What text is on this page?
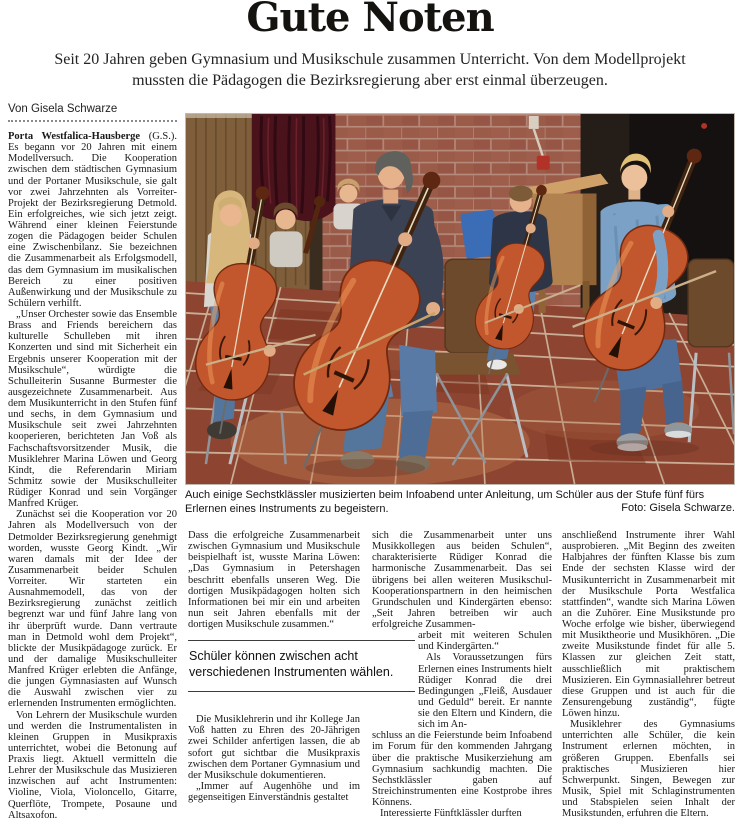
Gute Noten

Seit 20 Jahren geben Gymnasium und Musikschule zusammen Unterricht. Von dem Modellprojekt mussten die Pädagogen die Bezirksregierung aber erst einmal überzeugen.

Von Gisela Schwarze
Foto: Gisela Schwarze.
Auch einige Sechstklässler musizierten beim Infoabend unter Anleitung, um Schüler aus der Stufe fünf fürs Erlernen eines Instruments zu begeistern.

Porta Westfalica-Hausberge (G.S.). Es begann vor 20 Jahren mit einem Modellversuch. Die Kooperation zwischen dem städtischen Gymnasium und der Portaner Musikschule, sie galt vor zwei Jahrzehnten als Vorreiter-Projekt der Bezirksregierung Detmold. Ein erfolgreiches, wie sich jetzt zeigt. Während einer kleinen Feierstunde zogen die Pädagogen beider Schulen eine Zwischenbilanz. Sie bezeichnen die Zusammenarbeit als Erfolgsmodell, das dem Gymnasium im musikalischen Bereich zu einer positiven Außenwirkung und der Musikschule zu Schülern verhilft.

„Unser Orchester sowie das Ensemble Brass and Friends bereichern das kulturelle Schulleben mit ihren Konzerten und sind mit Sicherheit ein Ergebnis unserer Kooperation mit der Musikschule“, würdigte die Schulleiterin Susanne Burmester die ausgezeichnete Zusammenarbeit. Aus dem Musikunterricht in den Stufen fünf und sechs, in dem Gymnasium und Musikschule seit zwei Jahrzehnten kooperieren, berichteten Jan Voß als Fachschaftsvorsitzender Musik, die Musiklehrer Marina Löwen und Georg Kindt, die Referendarin Miriam Schmitz sowie der Musikschulleiter Rüdiger Konrad und sein Vorgänger Manfred Krüger.

Zunächst sei die Kooperation vor 20 Jahren als Modellversuch von der Detmolder Bezirksregierung genehmigt worden, wusste Georg Kindt. „Wir waren damals mit der Idee der Zusammenarbeit beider Schulen Vorreiter. Wir starteten ein Ausnahmemodell, das von der Bezirksregierung zunächst zeitlich begrenzt war und fünf Jahre lang von ihr überprüft wurde. Dann vertraute man in Detmold wohl dem Projekt“, blickte der Musikpädagoge zurück. Er und der damalige Musikschulleiter Manfred Krüger erlebten die Anfänge, die jungen Gymnasiasten auf Wunsch die Auswahl zwischen vier zu erlernenden Instrumenten ermöglichten.

Von Lehrern der Musikschule wurden und werden die Instrumentalisten in kleinen Gruppen in Musikpraxis unterrichtet, wobei die Betonung auf Praxis liegt. Aktuell vermitteln die Lehrer der Musikschule das Musizieren inzwischen auf acht Instrumenten: Violine, Viola, Violoncello, Gitarre, Querflöte, Trompete, Posaune und Altsaxofon.

Dass die erfolgreiche Zusammenarbeit zwischen Gymnasium und Musikschule beispielhaft ist, wusste Marina Löwen: „Das Gymnasium in Petershagen beschritt ebenfalls unseren Weg. Die dortigen Musikpädagogen holten sich Informationen bei mir ein und arbeiten nun seit Jahren ebenfalls mit der dortigen Musikschule zusammen.“

Schüler können zwischen acht verschiedenen Instrumenten wählen.

Die Musiklehrerin und ihr Kollege Jan Voß hatten zu Ehren des 20-Jährigen zwei Schilder anfertigen lassen, die ab sofort gut sichtbar die Musikpraxis zwischen dem Portaner Gymnasium und der Musikschule dokumentieren.

„Immer auf Augenhöhe und im gegenseitigen Einverständnis gestaltet

sich die Zusammenarbeit unter uns Musikkollegen aus beiden Schulen“, charakterisierte Rüdiger Konrad die harmonische Zusammenarbeit. Das sei übrigens bei allen weiteren Musikschul-Kooperationspartnern in den heimischen Grundschulen und Kindergärten ebenso: „Seit Jahren betreiben wir auch erfolgreiche Zusammen-

arbeit mit weiteren Schulen und Kindergärten.“

Als Voraussetzungen fürs Erlernen eines Instruments hielt Rüdiger Konrad die drei Bedingungen „Fleiß, Ausdauer und Geduld“ bereit. Er nannte sie den Eltern und Kindern, die sich im An-

schluss an die Feierstunde beim Infoabend im Forum für den kommenden Jahrgang über die praktische Musikerziehung am Gymnasium sachkundig machten. Die Sechstklässler gaben auf Streichinstrumenten eine Kostprobe ihres Könnens.

Interessierte Fünftklässler durften

anschließend Instrumente ihrer Wahl ausprobieren. „Mit Beginn des zweiten Halbjahres der fünften Klasse bis zum Ende der sechsten Klasse wird der Musikunterricht in Zusammenarbeit mit der Musikschule Porta Westfalica stattfinden“, wandte sich Marina Löwen an die Zuhörer. Eine Musikstunde pro Woche erfolge wie bisher, überwiegend mit Musiktheorie und Musikhören. „Die zweite Musikstunde findet für alle 5. Klassen zur gleichen Zeit statt, ausschließlich mit praktischem Musizieren. Ein Gymnasiallehrer betreut diese Gruppen und ist auch für die Zensurengebung zuständig“, fügte Löwen hinzu.

Musiklehrer des Gymnasiums unterrichten alle Schüler, die kein Instrument erlernen möchten, in größeren Gruppen. Ebenfalls sei praktisches Musizieren hier Schwerpunkt. Singen, Bewegen zur Musik, Spiel mit Schlaginstrumenten und Stabspielen seien Inhalt der Musikstunden, erfuhren die Eltern.
